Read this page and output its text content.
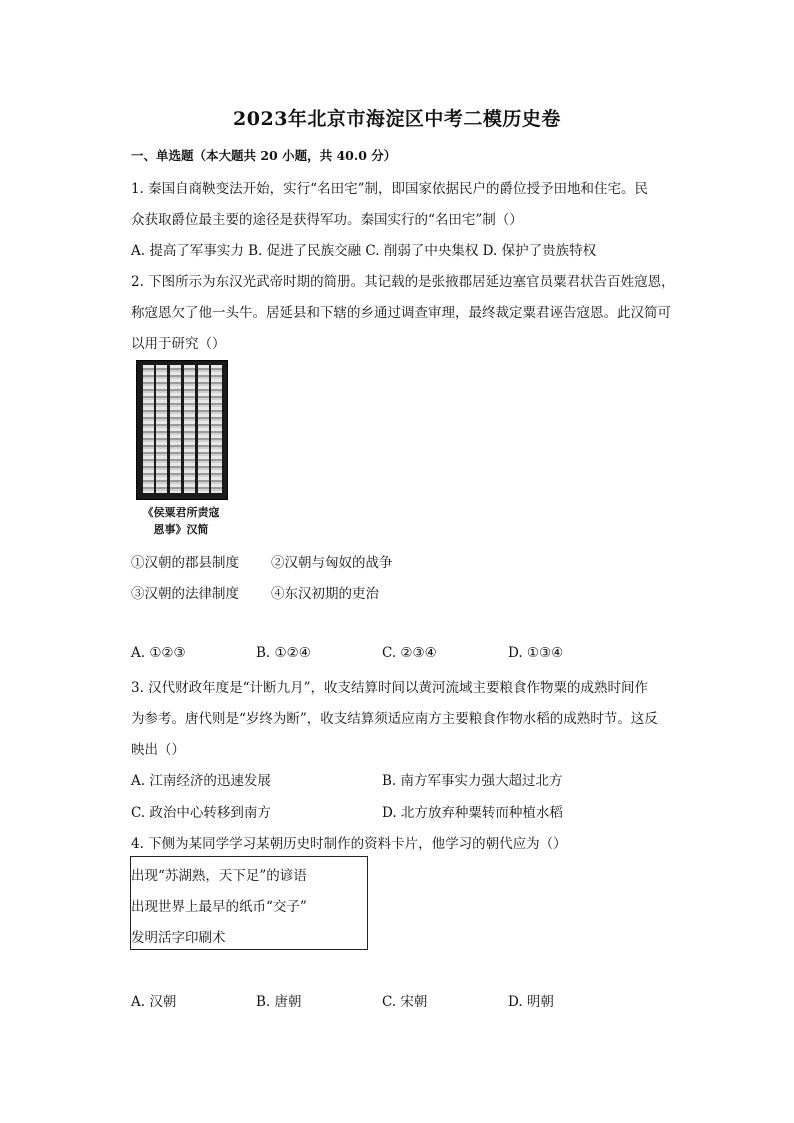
2023年北京市海淀区中考二模历史卷
一、单选题（本大题共 20 小题，共 40.0 分）
1. 秦国自商鞅变法开始，实行“名田宅”制，即国家依据民户的爵位授予田地和住宅。民
众获取爵位最主要的途径是获得军功。秦国实行的“名田宅”制（）
A. 提高了军事实力 B. 促进了民族交融 C. 削弱了中央集权 D. 保护了贵族特权
2. 下图所示为东汉光武帝时期的简册。其记载的是张掖郡居延边塞官员粟君状告百姓寇恩，
称寇恩欠了他一头牛。居延县和下辖的乡通过调查审理，最终裁定粟君诬告寇恩。此汉简可
以用于研究（）
《侯粟君所责寇
恩事》汉简
①汉朝的郡县制度 ②汉朝与匈奴的战争
③汉朝的法律制度 ④东汉初期的吏治
A. ①②③	B. ①②④	C. ②③④	D. ①③④
3. 汉代财政年度是“计断九月”，收支结算时间以黄河流域主要粮食作物粟的成熟时间作
为参考。唐代则是“岁终为断”，收支结算须适应南方主要粮食作物水稻的成熟时节。这反
映出（）
A. 江南经济的迅速发展	B. 南方军事实力强大超过北方
C. 政治中心转移到南方	D. 北方放弃种粟转而种植水稻
4. 下侧为某同学学习某朝历史时制作的资料卡片，他学习的朝代应为（）
出现“苏湖熟，天下足”的谚语
出现世界上最早的纸币“交子”
发明活字印刷术
A. 汉朝	B. 唐朝	C. 宋朝	D. 明朝
